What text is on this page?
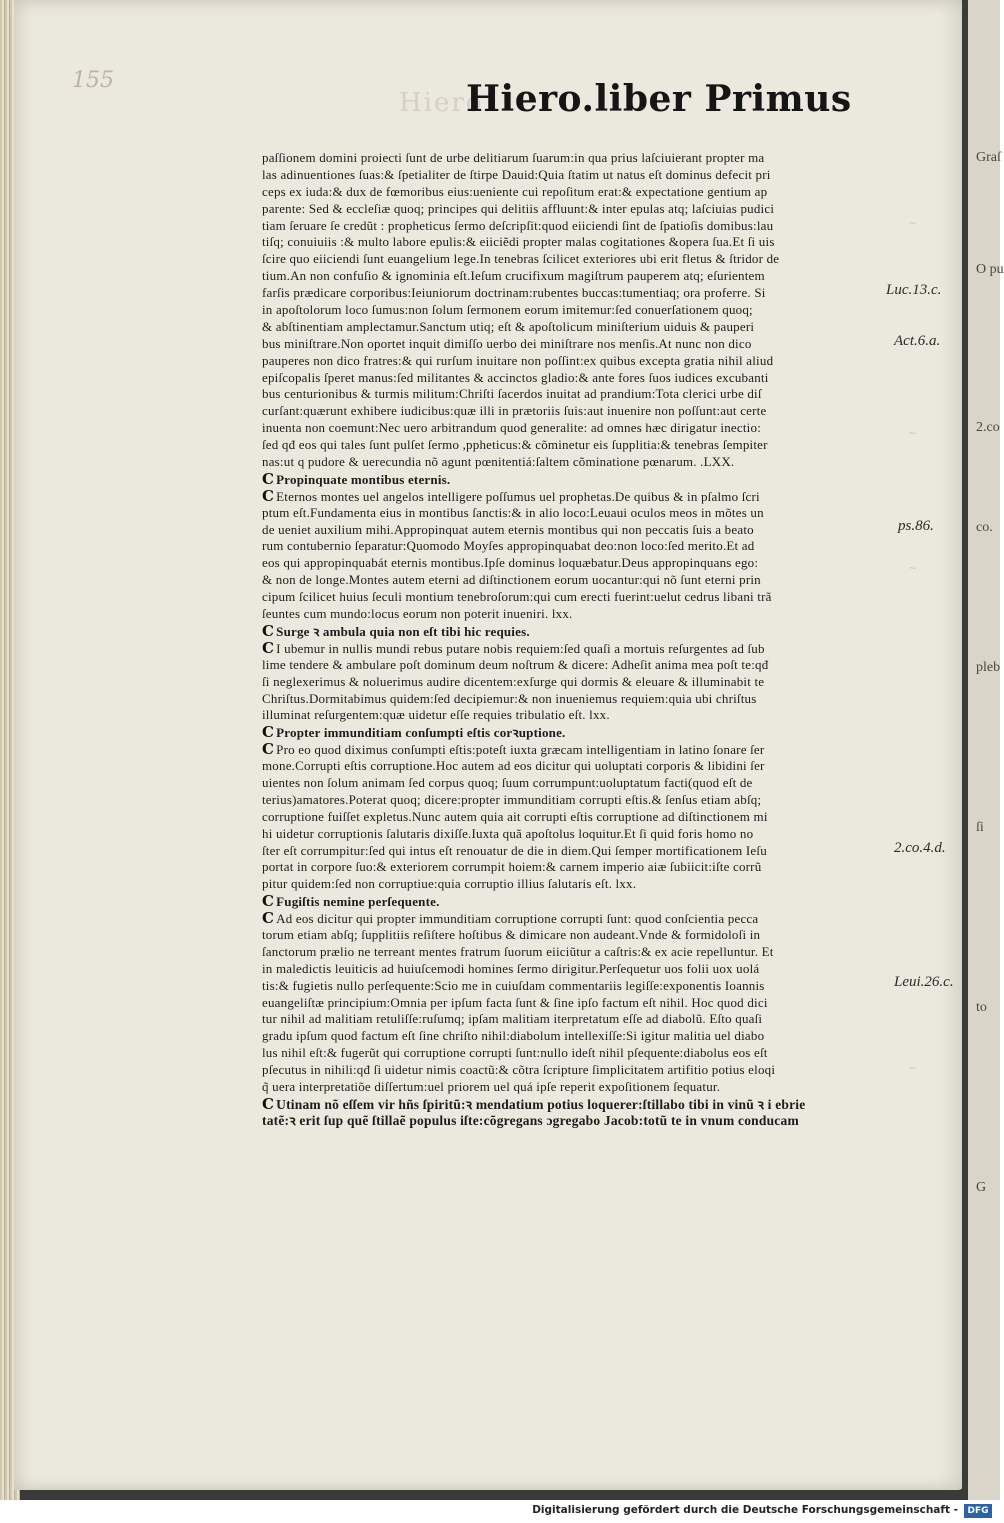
155
Hiero.
Hiero.liber Primus
paſſionem domini proiecti ſunt de urbe delitiarum ſuarum:in qua prius laſciuierant propter ma
las adinuentiones ſuas:& ſpetialiter de ſtirpe Dauid:Quia ſtatim ut natus eſt dominus defecit pri
ceps ex iuda:& dux de fœmoribus eius:ueniente cui repoſitum erat:& expectatione gentium ap
parente: Sed & eccleſiæ quoq; principes qui delitiis affluunt:& inter epulas atq; laſciuias pudici
tiam ſeruare ſe credũt : propheticus ſermo deſcripſit:quod eiiciendi ſint de ſpatioſis domibus:lau
tiſq; conuiuiis :& multo labore epulis:& eiiciẽdi propter malas cogitationes &opera ſua.Et ſi uis
ſcire quo eiiciendi ſunt euangelium lege.In tenebras ſcilicet exteriores ubi erit fletus & ſtridor de
tium.An non confuſio & ignominia eſt.Ieſum crucifixum magiſtrum pauperem atq; eſurientem
farſis prædicare corporibus:Ieiuniorum doctrinam:rubentes buccas:tumentiaq; ora proferre. Si
in apoſtolorum loco ſumus:non ſolum ſermonem eorum imitemur:ſed conuerſationem quoq;
& abſtinentiam amplectamur.Sanctum utiq; eſt & apoſtolicum miniſterium uiduis & pauperi
bus miniſtrare.Non oportet inquit dimiſſo uerbo dei miniſtrare nos menſis.At nunc non dico
pauperes non dico fratres:& qui rurſum inuitare non poſſint:ex quibus excepta gratia nihil aliud
epiſcopalis ſperet manus:ſed militantes & accinctos gladio:& ante fores ſuos iudices excubanti
bus centurionibus & turmis militum:Chriſti ſacerdos inuitat ad prandium:Tota clerici urbe diſ
curſant:quærunt exhibere iudicibus:quæ illi in prætoriis ſuis:aut inuenire non poſſunt:aut certe
inuenta non coemunt:Nec uero arbitrandum quod generalite: ad omnes hæc dirigatur inectio:
ſed qđ eos qui tales ſunt pulſet ſermo ,ppheticus:& cõminetur eis ſupplitia:& tenebras ſempiter
nas:ut q pudore & uerecundia nõ agunt pœnitentiá:ſaltem cõminatione pœnarum. .LXX.
C Propinquate montibus eternis.
C Eternos montes uel angelos intelligere poſſumus uel prophetas.De quibus & in pſalmo ſcri
ptum eſt.Fundamenta eius in montibus ſanctis:& in alio loco:Leuaui oculos meos in mõtes un
de ueniet auxilium mihi.Appropinquat autem eternis montibus qui non peccatis ſuis a beato
rum contubernio ſeparatur:Quomodo Moyſes appropinquabat deo:non loco:ſed merito.Et ad
eos qui appropinquabát eternis montibus.Ipſe dominus loquæbatur.Deus appropinquans ego:
& non de longe.Montes autem eterni ad diſtinctionem eorum uocantur:qui nõ ſunt eterni prin
cipum ſcilicet huius ſeculi montium tenebroſorum:qui cum erecti fuerint:uelut cedrus libani trã
ſeuntes cum mundo:locus eorum non poterit inueniri. lxx.
C Surge ꝛ ambula quia non eſt tibi hic requies.
C I ubemur in nullis mundi rebus putare nobis requiem:ſed quaſi a mortuis reſurgentes ad ſub
lime tendere & ambulare poſt dominum deum noſtrum & dicere: Adheſit anima mea poſt te:qđ
ſi neglexerimus & noluerimus audire dicentem:exſurge qui dormis & eleuare & illuminabit te
Chriſtus.Dormitabimus quidem:ſed decipiemur:& non inueniemus requiem:quia ubi chriſtus
illuminat reſurgentem:quæ uidetur eſſe requies tribulatio eſt. lxx.
C Propter immunditiam conſumpti eſtis corꝛuptione.
C Pro eo quod diximus conſumpti eſtis:poteſt iuxta græcam intelligentiam in latino ſonare ſer
mone.Corrupti eſtis corruptione.Hoc autem ad eos dicitur qui uoluptati corporis & libidini ſer
uientes non ſolum animam ſed corpus quoq; ſuum corrumpunt:uoluptatum facti(quod eſt de
terius)amatores.Poterat quoq; dicere:propter immunditiam corrupti eſtis.& ſenſus etiam abſq;
corruptione fuiſſet expletus.Nunc autem quia ait corrupti eſtis corruptione ad diſtinctionem mi
hi uidetur corruptionis ſalutaris dixiſſe.Iuxta quã apoſtolus loquitur.Et ſi quid foris homo no
ſter eſt corrumpitur:ſed qui intus eſt renouatur de die in diem.Qui ſemper mortificationem Ieſu
portat in corpore ſuo:& exteriorem corrumpit hoiem:& carnem imperio aiæ ſubiicit:iſte corrũ
pitur quidem:ſed non corruptiue:quia corruptio illius ſalutaris eſt. lxx.
C Fugiſtis nemine perſequente.
C Ad eos dicitur qui propter immunditiam corruptione corrupti ſunt: quod conſcientia pecca
torum etiam abſq; ſupplitiis reſiſtere hoſtibus & dimicare non audeant.Vnde & formidoloſi in
ſanctorum prælio ne terreant mentes fratrum ſuorum eiiciũtur a caſtris:& ex acie repelluntur. Et
in maledictis leuiticis ad huiuſcemodi homines ſermo dirigitur.Perſequetur uos folii uox uolá
tis:& fugietis nullo perſequente:Scio me in cuiuſdam commentariis legiſſe:exponentis Ioannis
euangeliſtæ principium:Omnia per ipſum facta ſunt & ſine ipſo factum eſt nihil. Hoc quod dici
tur nihil ad malitiam retuliſſe:ruſumq; ipſam malitiam iterpretatum eſſe ad diabolũ. Eſto quaſi
gradu ipſum quod factum eſt ſine chriſto nihil:diabolum intellexiſſe:Si igitur malitia uel diabo
lus nihil eſt:& fugerũt qui corruptione corrupti ſunt:nullo ideſt nihil pſequente:diabolus eos eſt
pſecutus in nihili:qđ ſi uidetur nimis coactũ:& cõtra ſcripture ſimplicitatem artifitio potius eloqi
q̃ uera interpretatiõe diſſertum:uel priorem uel quá ipſe reperit expoſitionem ſequatur.
C Utinam nõ eſſem vir hñs ſpiritũ:ꝛ mendatium potius loquerer:ſtillabo tibi in vinũ ꝛ i ebrie
tatẽ:ꝛ erit ſup quẽ ſtillaẽ populus iſte:cõgregans ɔgregabo Jacob:totũ te in vnum conducam
Luc.13.c.
Act.6.a.
ps.86.
2.co.4.d.
Leui.26.c.
~
~
~
~
Graſ
O pu
2.co
co.
pleb
ſi
to
G
Digitalisierung gefördert durch die Deutsche Forschungsgemeinschaft -	DFG
